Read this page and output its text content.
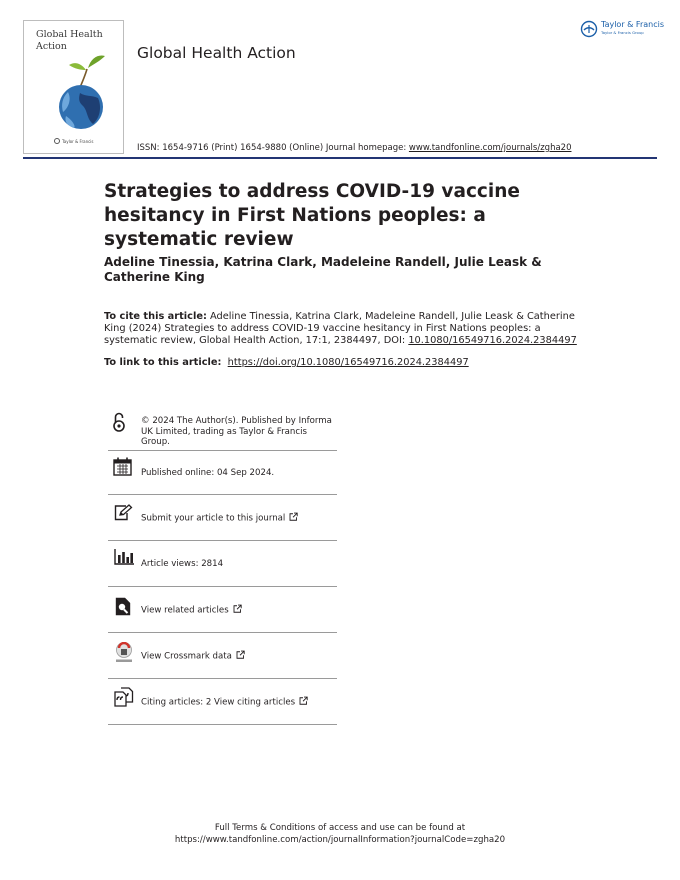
Global Health Action
Taylor & Francis
Global Health Action
Taylor & Francis
Taylor & Francis Group
ISSN: 1654-9716 (Print) 1654-9880 (Online) Journal homepage: www.tandfonline.com/journals/zgha20
Strategies to address COVID-19 vaccine hesitancy in First Nations peoples: a systematic review
Adeline Tinessia, Katrina Clark, Madeleine Randell, Julie Leask & Catherine King
To cite this article: Adeline Tinessia, Katrina Clark, Madeleine Randell, Julie Leask & Catherine King (2024) Strategies to address COVID-19 vaccine hesitancy in First Nations peoples: a systematic review, Global Health Action, 17:1, 2384497, DOI: 10.1080/16549716.2024.2384497
To link to this article: https://doi.org/10.1080/16549716.2024.2384497
© 2024 The Author(s). Published by Informa UK Limited, trading as Taylor & Francis Group.
Published online: 04 Sep 2024.
Submit your article to this journal
Article views: 2814
View related articles
View Crossmark data
Citing articles: 2 View citing articles
Full Terms & Conditions of access and use can be found at
https://www.tandfonline.com/action/journalInformation?journalCode=zgha20
